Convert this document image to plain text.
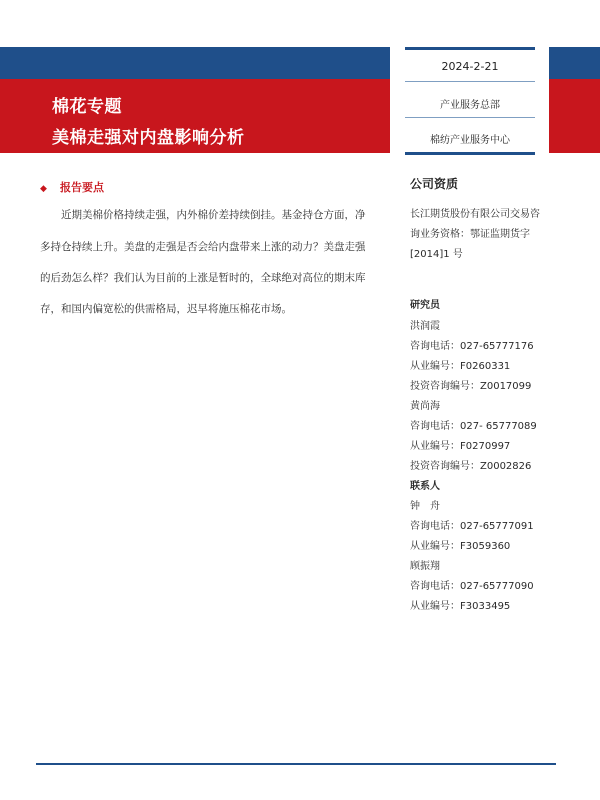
棉花专题
美棉走强对内盘影响分析
2024-2-21
产业服务总部
棉纺产业服务中心
◆ 报告要点
　　近期美棉价格持续走强，内外棉价差持续倒挂。基金持仓方面，净
多持仓持续上升。美盘的走强是否会给内盘带来上涨的动力？美盘走强
的后劲怎么样？我们认为目前的上涨是暂时的，全球绝对高位的期末库
存，和国内偏宽松的供需格局，迟早将施压棉花市场。
公司资质
长江期货股份有限公司交易咨
询业务资格：鄂证监期货字
[2014]1 号
研究员
洪润霞
咨询电话：027-65777176
从业编号：F0260331
投资咨询编号：Z0017099
黄尚海
咨询电话：027- 65777089
从业编号：F0270997
投资咨询编号：Z0002826
联系人
钟　舟
咨询电话：027-65777091
从业编号：F3059360
顾振翔
咨询电话：027-65777090
从业编号：F3033495
